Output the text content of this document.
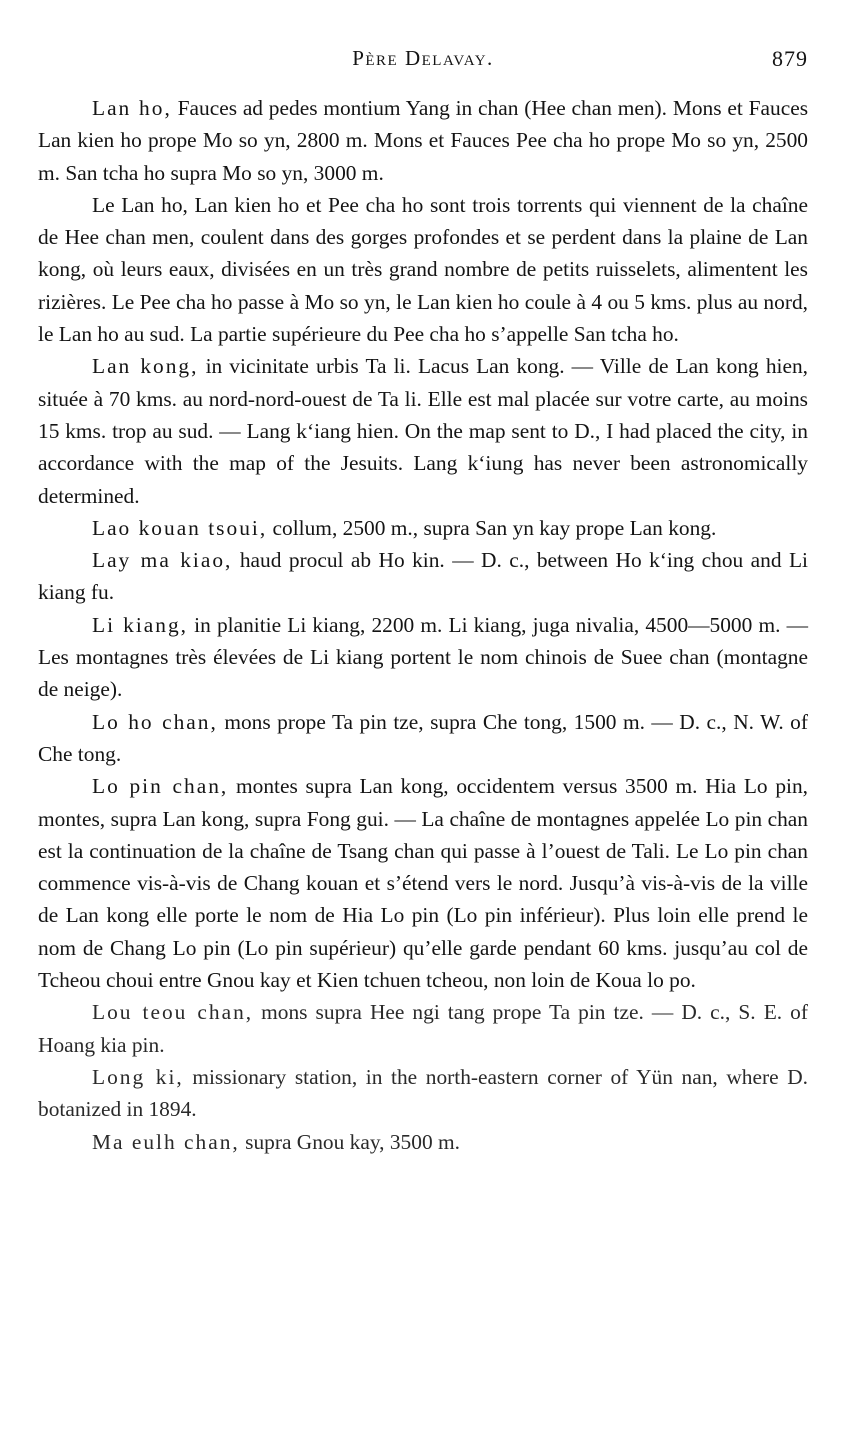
Père Delavay.	879

Lan ho, Fauces ad pedes montium Yang in chan (Hee chan men). Mons et Fauces Lan kien ho prope Mo so yn, 2800 m. Mons et Fauces Pee cha ho prope Mo so yn, 2500 m. San tcha ho supra Mo so yn, 3000 m.

Le Lan ho, Lan kien ho et Pee cha ho sont trois torrents qui viennent de la chaîne de Hee chan men, coulent dans des gorges profondes et se perdent dans la plaine de Lan kong, où leurs eaux, divisées en un très grand nombre de petits ruisselets, alimentent les rizières. Le Pee cha ho passe à Mo so yn, le Lan kien ho coule à 4 ou 5 kms. plus au nord, le Lan ho au sud. La partie supérieure du Pee cha ho s’appelle San tcha ho.

Lan kong, in vicinitate urbis Ta li. Lacus Lan kong. — Ville de Lan kong hien, située à 70 kms. au nord-nord-ouest de Ta li. Elle est mal placée sur votre carte, au moins 15 kms. trop au sud. — Lang k‘iang hien. On the map sent to D., I had placed the city, in accordance with the map of the Jesuits. Lang k‘iung has never been astronomically determined.

Lao kouan tsoui, collum, 2500 m., supra San yn kay prope Lan kong.

Lay ma kiao, haud procul ab Ho kin. — D. c., between Ho k‘ing chou and Li kiang fu.

Li kiang, in planitie Li kiang, 2200 m. Li kiang, juga nivalia, 4500—5000 m. — Les montagnes très élevées de Li kiang portent le nom chinois de Suee chan (montagne de neige).

Lo ho chan, mons prope Ta pin tze, supra Che tong, 1500 m. — D. c., N. W. of Che tong.

Lo pin chan, montes supra Lan kong, occidentem versus 3500 m. Hia Lo pin, montes, supra Lan kong, supra Fong gui. — La chaîne de montagnes appelée Lo pin chan est la continuation de la chaîne de Tsang chan qui passe à l’ouest de Tali. Le Lo pin chan commence vis-à-vis de Chang kouan et s’étend vers le nord. Jusqu’à vis-à-vis de la ville de Lan kong elle porte le nom de Hia Lo pin (Lo pin inférieur). Plus loin elle prend le nom de Chang Lo pin (Lo pin supérieur) qu’elle garde pendant 60 kms. jusqu’au col de Tcheou choui entre Gnou kay et Kien tchuen tcheou, non loin de Koua lo po.

Lou teou chan, mons supra Hee ngi tang prope Ta pin tze. — D. c., S. E. of Hoang kia pin.

Long ki, missionary station, in the north-eastern corner of Yün nan, where D. botanized in 1894.

Ma eulh chan, supra Gnou kay, 3500 m.
